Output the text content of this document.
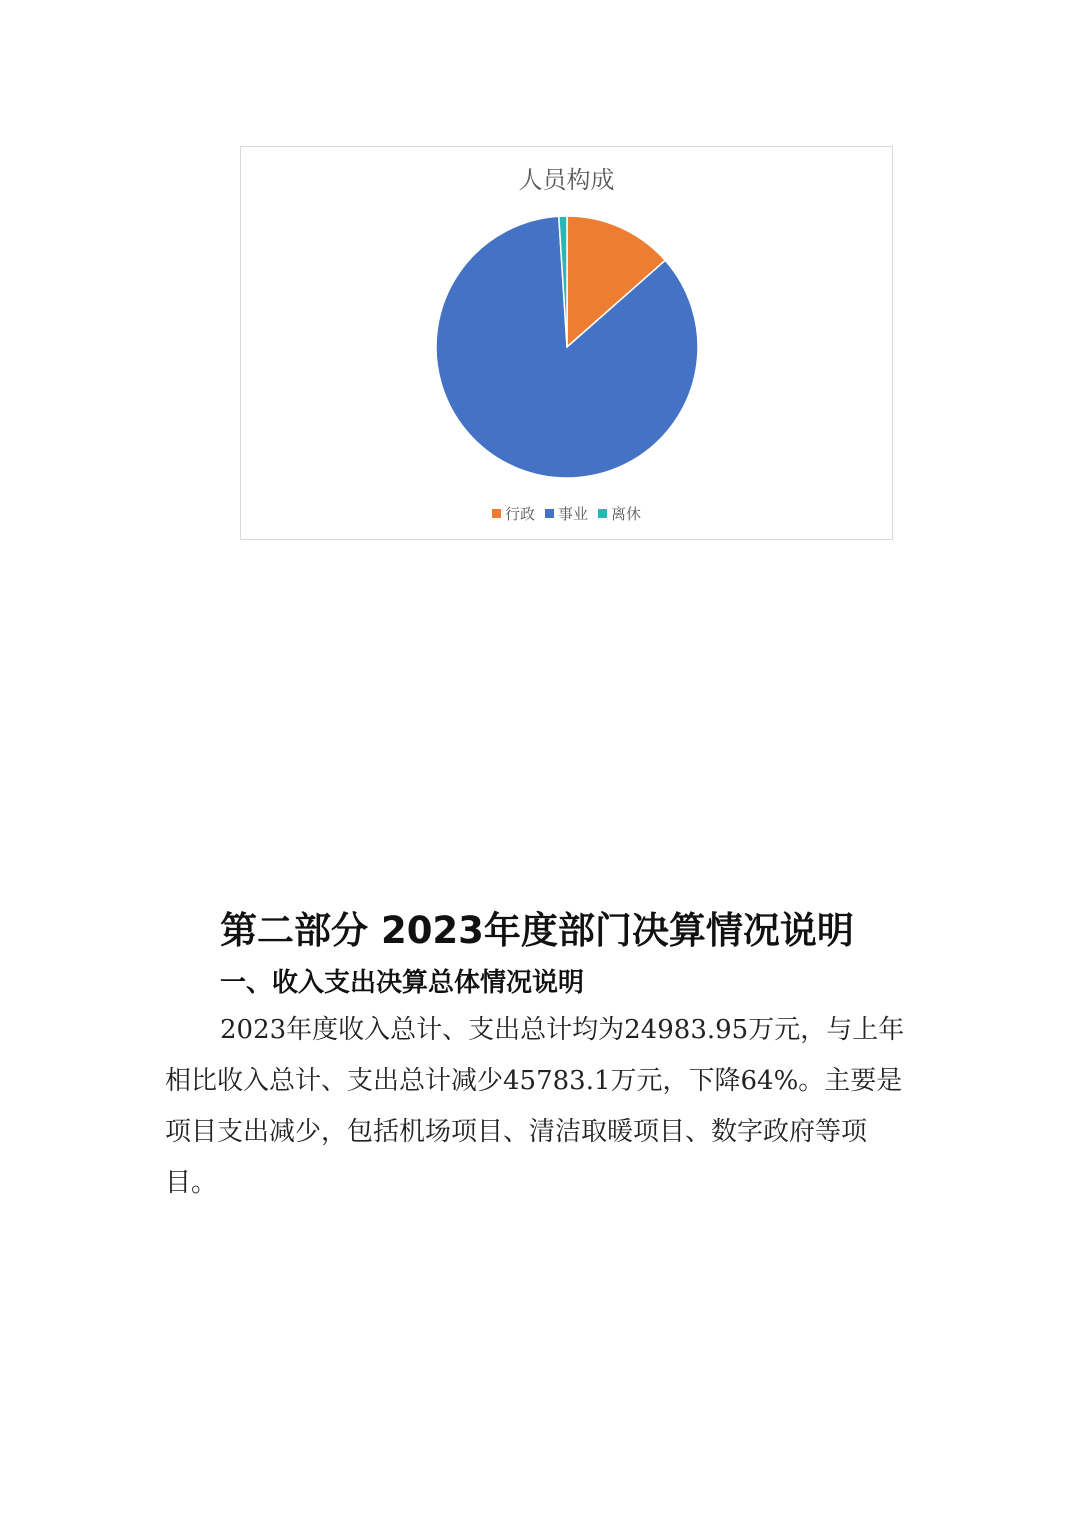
人员构成
行政 事业 离休
第二部分 2023年度部门决算情况说明
一、收入支出决算总体情况说明

2023年度收入总计、支出总计均为24983.95万元，与上年相比收入总计、支出总计减少45783.1万元，下降64%。主要是项目支出减少，包括机场项目、清洁取暖项目、数字政府等项目。
